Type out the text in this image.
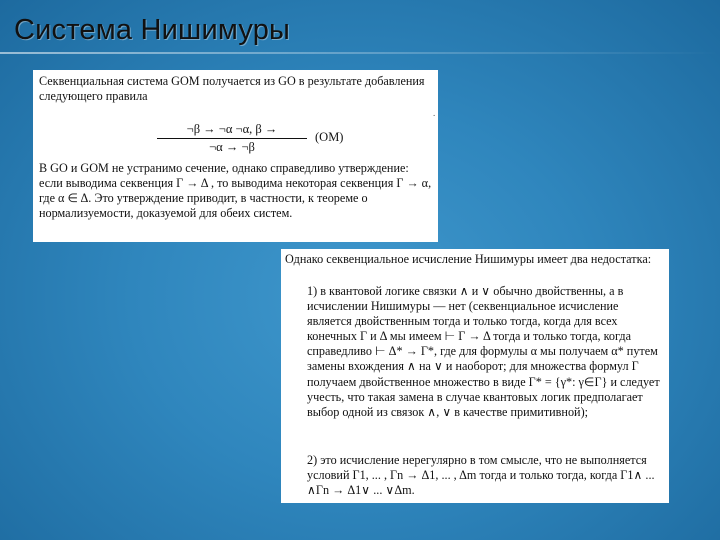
Система Нишимуры
Секвенциальная система GOM получается из GO в результате добавления следующего правила
.
$\frac{\neg\beta \to \neg\alpha \neg\alpha, \beta \to}{\neg\alpha \to \neg\beta} (OM)$
В GO и GOM не устранимо сечение, однако справедливо утверждение: если выводима секвенция Γ → Δ , то выводима некоторая секвенция Γ → α, где α ∈ Δ. Это утверждение приводит, в частности, к теореме о нормализуемости, доказуемой для обеих систем.
Однако секвенциальное исчисление Нишимуры имеет два недостатка:
1) в квантовой логике связки ∧ и ∨ обычно двойственны, а в исчислении Нишимуры — нет (секвенциальное исчисление является двойственным тогда и только тогда, когда для всех конечных Γ и Δ мы имеем ⊢ Γ → Δ тогда и только тогда, когда справедливо ⊢ Δ* → Γ*, где для формулы α мы получаем α* путем замены вхождения ∧ на ∨ и наоборот; для множества формул Γ получаем двойственное множество в виде Γ* = {γ*: γ∈Γ} и следует учесть, что такая замена в случае квантовых логик предполагает выбор одной из связок ∧, ∨ в качестве примитивной);
2) это исчисление нерегулярно в том смысле, что не выполняется условий Γ1, ... , Γn → Δ1, ... , Δm тогда и только тогда, когда Γ1∧ ... ∧Γn → Δ1∨ ... ∨Δm.
